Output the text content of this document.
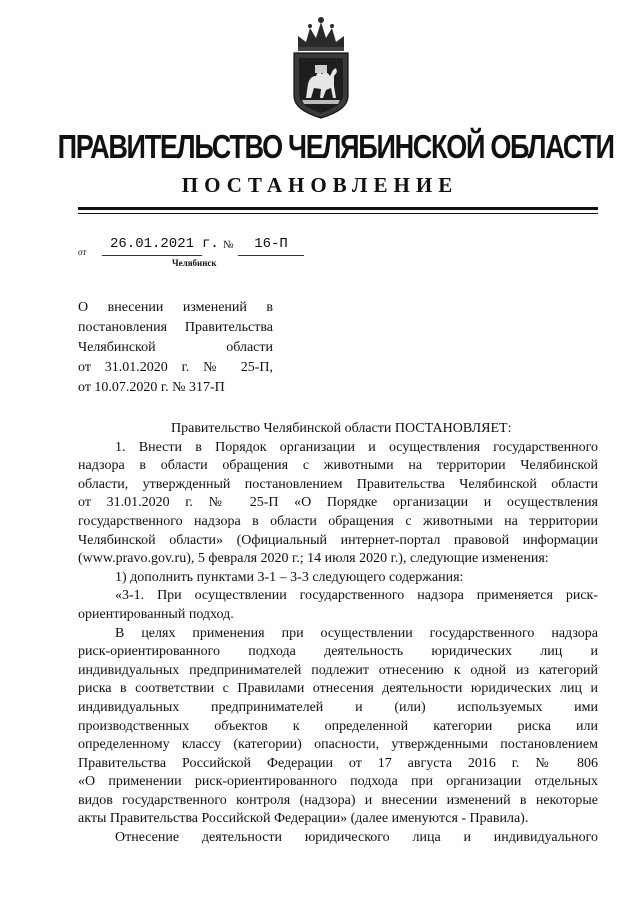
ПРАВИТЕЛЬСТВО ЧЕЛЯБИНСКОЙ ОБЛАСТИ
ПОСТАНОВЛЕНИЕ
от	26.01.2021 г. №	16-П
Челябинск
О внесении изменений в
постановления Правительства
Челябинской области
от 31.01.2020 г. № 25-П,
от 10.07.2020 г. № 317-П
Правительство Челябинской области ПОСТАНОВЛЯЕТ:
1. Внести в Порядок организации и осуществления государственного
надзора в области обращения с животными на территории Челябинской
области, утвержденный постановлением Правительства Челябинской области
от 31.01.2020 г. № 25-П «О Порядке организации и осуществления
государственного надзора в области обращения с животными на территории
Челябинской области» (Официальный интернет-портал правовой информации
(www.pravo.gov.ru), 5 февраля 2020 г.; 14 июля 2020 г.), следующие изменения:
1) дополнить пунктами 3-1 – 3-3 следующего содержания:
«3-1. При осуществлении государственного надзора применяется риск-
ориентированный подход.
В целях применения при осуществлении государственного надзора
риск-ориентированного подхода деятельность юридических лиц и
индивидуальных предпринимателей подлежит отнесению к одной из категорий
риска в соответствии с Правилами отнесения деятельности юридических лиц и
индивидуальных предпринимателей и (или) используемых ими
производственных объектов к определенной категории риска или
определенному классу (категории) опасности, утвержденными постановлением
Правительства Российской Федерации от 17 августа 2016 г. № 806
«О применении риск-ориентированного подхода при организации отдельных
видов государственного контроля (надзора) и внесении изменений в некоторые
акты Правительства Российской Федерации» (далее именуются - Правила).
Отнесение деятельности юридического лица и индивидуального
